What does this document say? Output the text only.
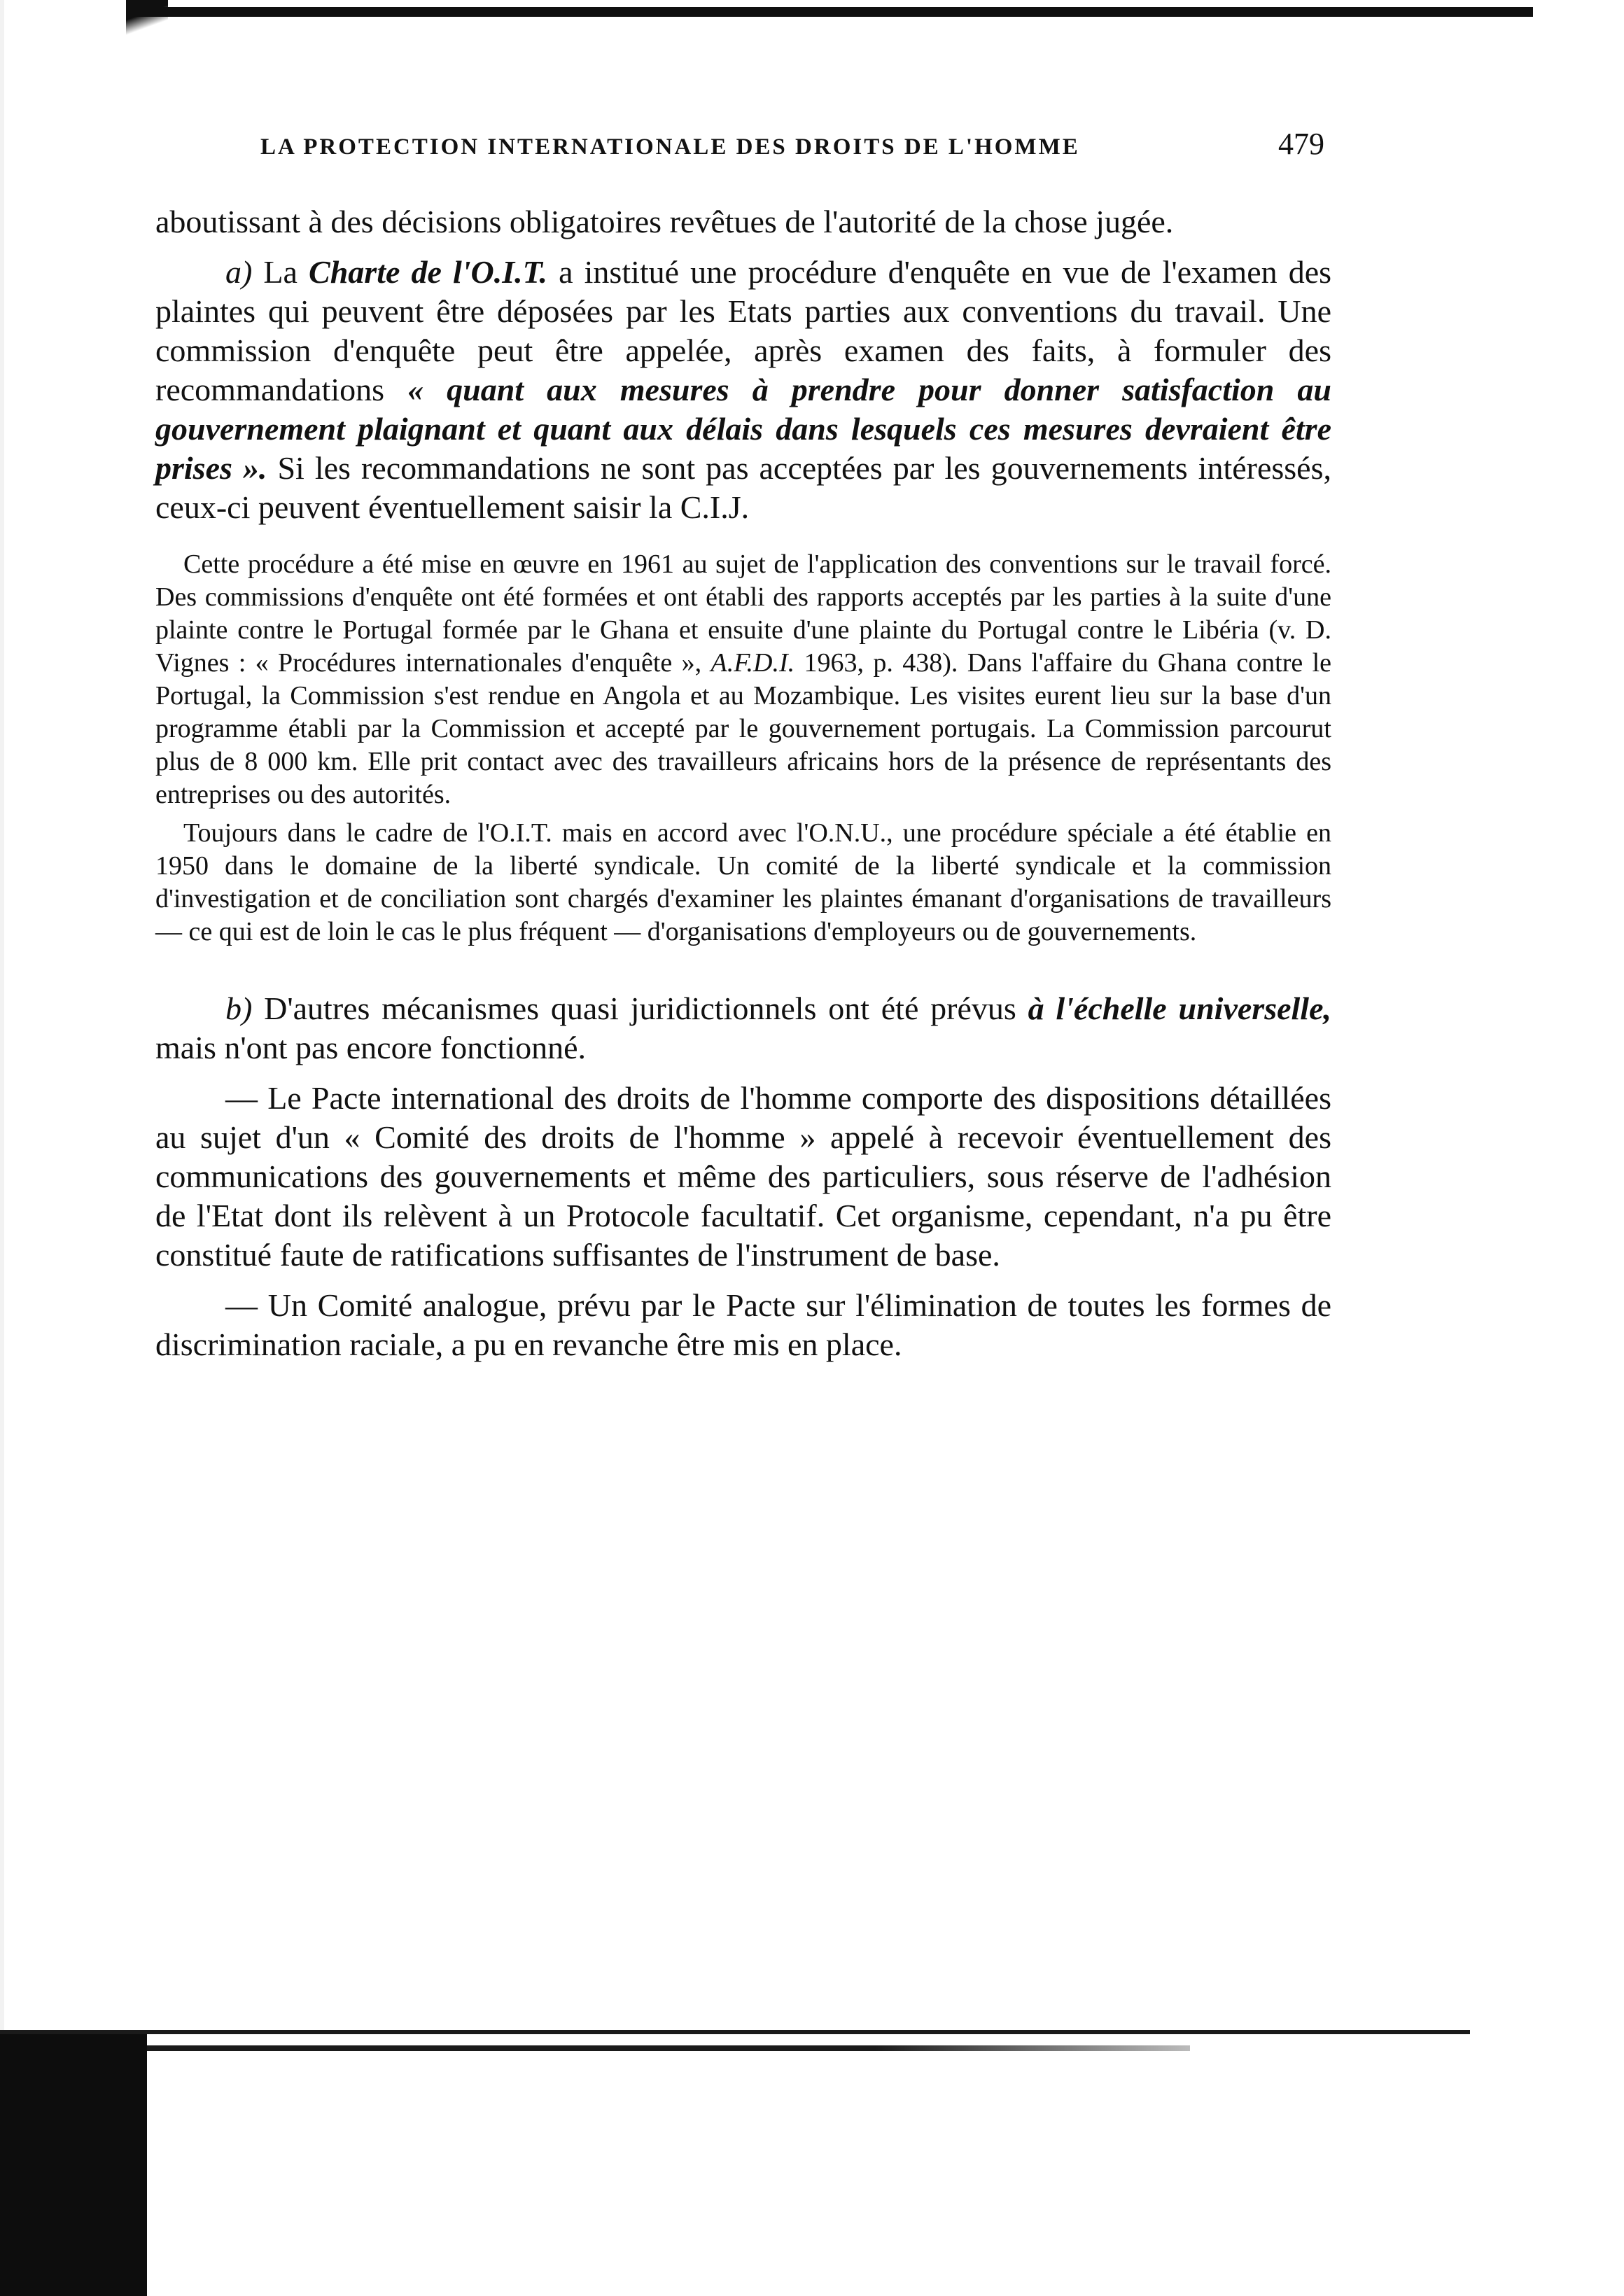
LA PROTECTION INTERNATIONALE DES DROITS DE L'HOMME	479

aboutissant à des décisions obligatoires revêtues de l'autorité de la chose jugée.

a) La Charte de l'O.I.T. a institué une procédure d'enquête en vue de l'examen des plaintes qui peuvent être déposées par les Etats parties aux conventions du travail. Une commission d'enquête peut être appelée, après examen des faits, à formuler des recommandations « quant aux mesures à prendre pour donner satisfaction au gouvernement plaignant et quant aux délais dans lesquels ces mesures devraient être prises ». Si les recommandations ne sont pas acceptées par les gouvernements intéressés, ceux-ci peuvent éventuellement saisir la C.I.J.

Cette procédure a été mise en œuvre en 1961 au sujet de l'application des conventions sur le travail forcé. Des commissions d'enquête ont été formées et ont établi des rapports acceptés par les parties à la suite d'une plainte contre le Portugal formée par le Ghana et ensuite d'une plainte du Portugal contre le Libéria (v. D. Vignes : « Procédures internationales d'enquête », A.F.D.I. 1963, p. 438). Dans l'affaire du Ghana contre le Portugal, la Commission s'est rendue en Angola et au Mozambique. Les visites eurent lieu sur la base d'un programme établi par la Commission et accepté par le gouvernement portugais. La Commission parcourut plus de 8 000 km. Elle prit contact avec des travailleurs africains hors de la présence de représentants des entreprises ou des autorités.

Toujours dans le cadre de l'O.I.T. mais en accord avec l'O.N.U., une procédure spéciale a été établie en 1950 dans le domaine de la liberté syndicale. Un comité de la liberté syndicale et la commission d'investigation et de conciliation sont chargés d'examiner les plaintes émanant d'organisations de travailleurs — ce qui est de loin le cas le plus fréquent — d'organisations d'employeurs ou de gouvernements.

b) D'autres mécanismes quasi juridictionnels ont été prévus à l'échelle universelle, mais n'ont pas encore fonctionné.

— Le Pacte international des droits de l'homme comporte des dispositions détaillées au sujet d'un « Comité des droits de l'homme » appelé à recevoir éventuellement des communications des gouvernements et même des particuliers, sous réserve de l'adhésion de l'Etat dont ils relèvent à un Protocole facultatif. Cet organisme, cependant, n'a pu être constitué faute de ratifications suffisantes de l'instrument de base.

— Un Comité analogue, prévu par le Pacte sur l'élimination de toutes les formes de discrimination raciale, a pu en revanche être mis en place.
